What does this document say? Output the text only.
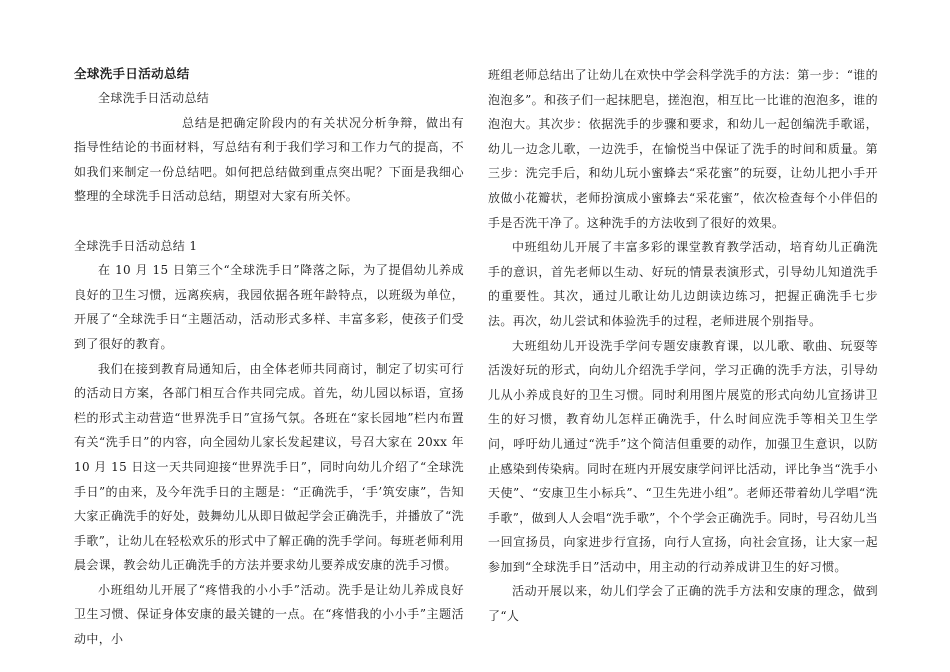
全球洗手日活动总结

全球洗手日活动总结

总结是把确定阶段内的有关状况分析争辩，做出有指导性结论的书面材料，写总结有利于我们学习和工作力气的提高，不如我们来制定一份总结吧。如何把总结做到重点突出呢？下面是我细心整理的全球洗手日活动总结，期望对大家有所关怀。

全球洗手日活动总结 1

在 10 月 15 日第三个“全球洗手日”降落之际，为了提倡幼儿养成良好的卫生习惯，远离疾病，我园依据各班年龄特点，以班级为单位，开展了“全球洗手日“主题活动，活动形式多样、丰富多彩，使孩子们受到了很好的教育。

我们在接到教育局通知后，由全体老师共同商讨，制定了切实可行的活动日方案，各部门相互合作共同完成。首先，幼儿园以标语，宣扬栏的形式主动营造“世界洗手日”宣扬气氛。各班在“家长园地”栏内布置有关“洗手日”的内容，向全园幼儿家长发起建议，号召大家在 20xx 年 10 月 15 日这一天共同迎接“世界洗手日”，同时向幼儿介绍了“全球洗手日”的由来，及今年洗手日的主题是：“正确洗手，‘手’筑安康”，告知大家正确洗手的好处，鼓舞幼儿从即日做起学会正确洗手，并播放了“洗手歌”，让幼儿在轻松欢乐的形式中了解正确的洗手学问。每班老师利用晨会课，教会幼儿正确洗手的方法并要求幼儿要养成安康的洗手习惯。

小班组幼儿开展了“疼惜我的小小手”活动。洗手是让幼儿养成良好卫生习惯、保证身体安康的最关键的一点。在“疼惜我的小小手”主题活动中，小

班组老师总结出了让幼儿在欢快中学会科学洗手的方法：第一步：“谁的泡泡多”。和孩子们一起抹肥皂，搓泡泡，相互比一比谁的泡泡多，谁的泡泡大。其次步：依据洗手的步骤和要求，和幼儿一起创编洗手歌谣，幼儿一边念儿歌，一边洗手，在愉悦当中保证了洗手的时间和质量。第三步：洗完手后，和幼儿玩小蜜蜂去“采花蜜”的玩耍，让幼儿把小手开放做小花瓣状，老师扮演成小蜜蜂去“采花蜜”，依次检查每个小伴侣的手是否洗干净了。这种洗手的方法收到了很好的效果。

中班组幼儿开展了丰富多彩的课堂教育教学活动，培育幼儿正确洗手的意识，首先老师以生动、好玩的情景表演形式，引导幼儿知道洗手的重要性。其次，通过儿歌让幼儿边朗读边练习，把握正确洗手七步法。再次，幼儿尝试和体验洗手的过程，老师进展个别指导。

大班组幼儿开设洗手学问专题安康教育课，以儿歌、歌曲、玩耍等活泼好玩的形式，向幼儿介绍洗手学问，学习正确的洗手方法，引导幼儿从小养成良好的卫生习惯。同时利用图片展览的形式向幼儿宣扬讲卫生的好习惯，教育幼儿怎样正确洗手，什么时间应洗手等相关卫生学问，呼吁幼儿通过“洗手”这个简洁但重要的动作，加强卫生意识，以防止感染到传染病。同时在班内开展安康学问评比活动，评比争当“洗手小天使”、“安康卫生小标兵”、“卫生先进小组”。老师还带着幼儿学唱“洗手歌”，做到人人会唱“洗手歌”，个个学会正确洗手。同时，号召幼儿当一回宣扬员，向家进步行宣扬，向行人宣扬，向社会宣扬，让大家一起参加到“全球洗手日”活动中，用主动的行动养成讲卫生的好习惯。

活动开展以来，幼儿们学会了正确的洗手方法和安康的理念，做到了“人
